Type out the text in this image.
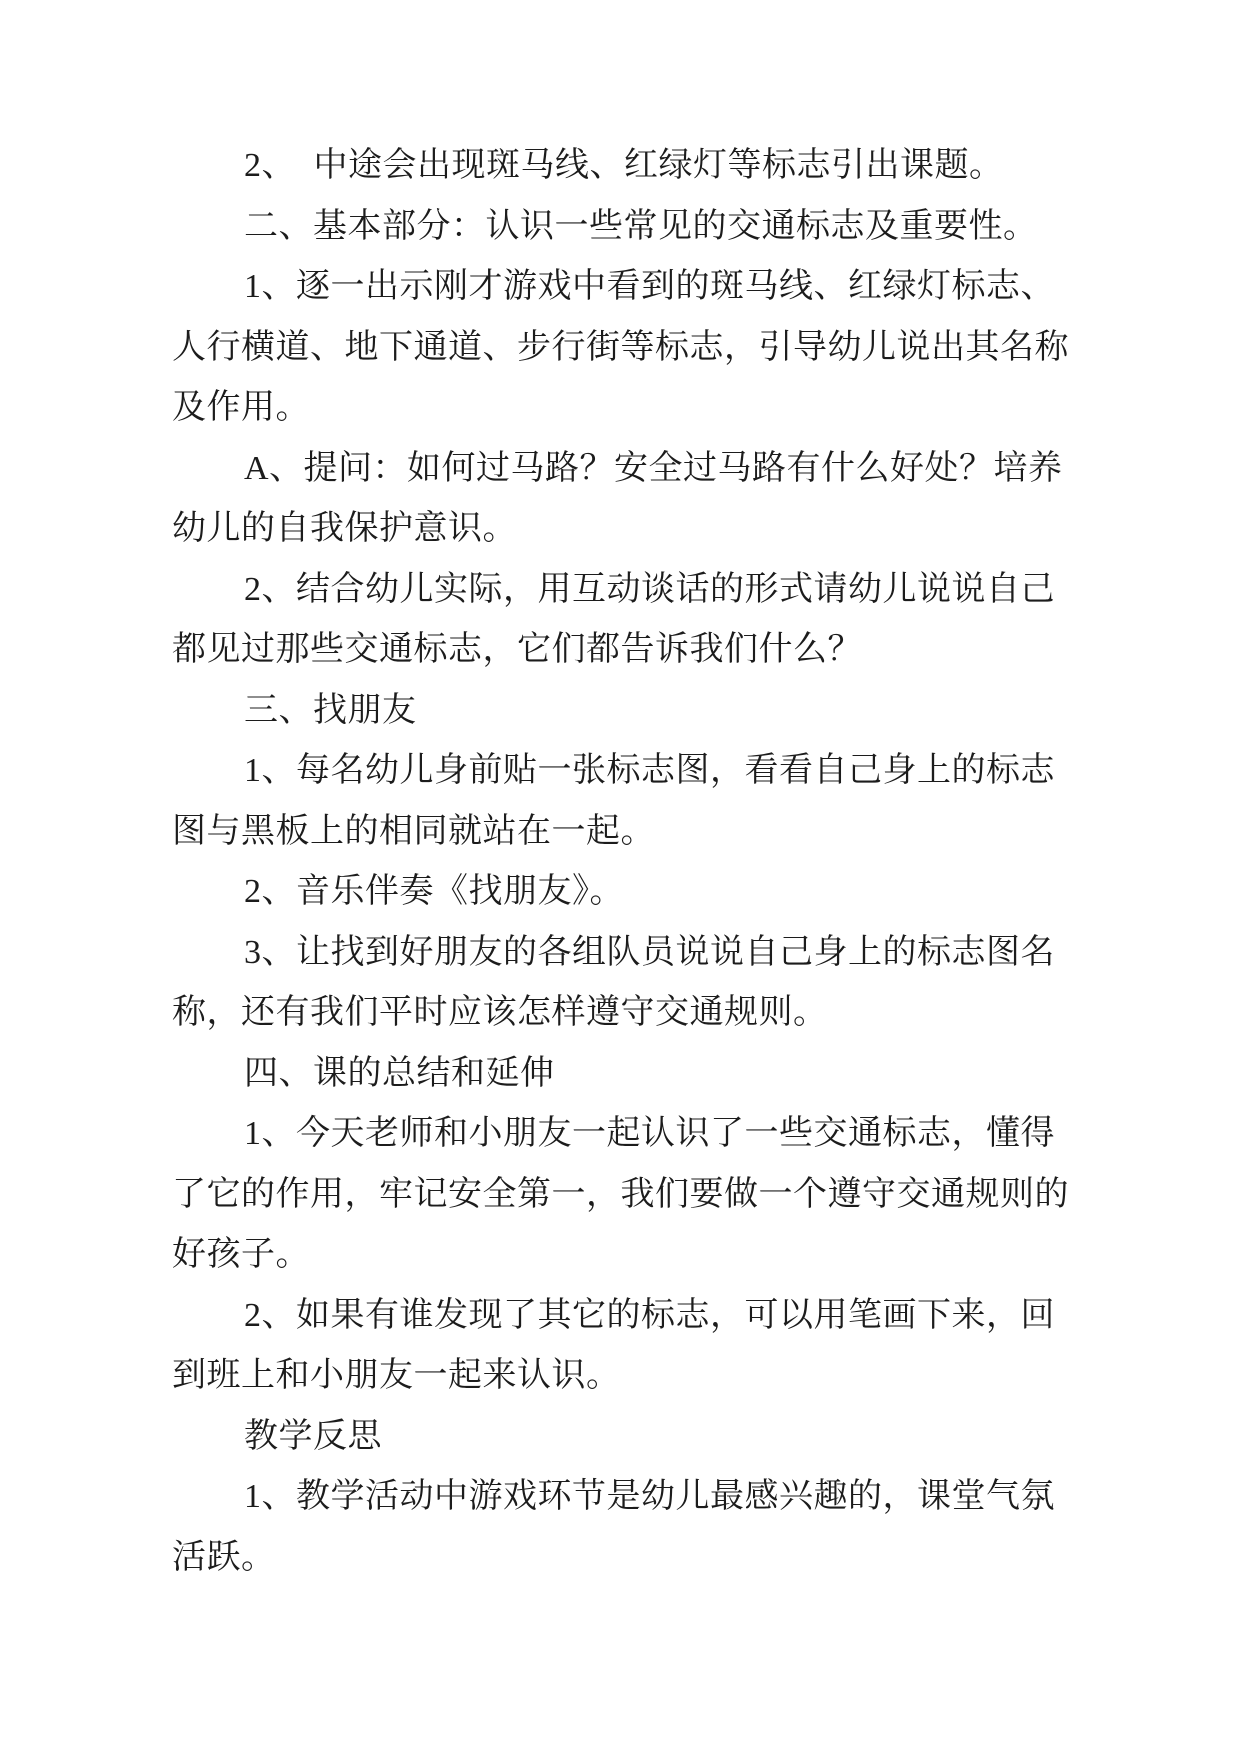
2、　中途会出现斑马线、红绿灯等标志引出课题。

二、基本部分：认识一些常见的交通标志及重要性。

1、逐一出示刚才游戏中看到的斑马线、红绿灯标志、

人行横道、地下通道、步行街等标志，引导幼儿说出其名称

及作用。

A、提问：如何过马路？安全过马路有什么好处？培养

幼儿的自我保护意识。

2、结合幼儿实际，用互动谈话的形式请幼儿说说自己

都见过那些交通标志，它们都告诉我们什么？

三、找朋友

1、每名幼儿身前贴一张标志图，看看自己身上的标志

图与黑板上的相同就站在一起。

2、音乐伴奏《找朋友》。

3、让找到好朋友的各组队员说说自己身上的标志图名

称，还有我们平时应该怎样遵守交通规则。

四、课的总结和延伸

1、今天老师和小朋友一起认识了一些交通标志，懂得

了它的作用，牢记安全第一，我们要做一个遵守交通规则的

好孩子。

2、如果有谁发现了其它的标志，可以用笔画下来，回

到班上和小朋友一起来认识。

教学反思

1、教学活动中游戏环节是幼儿最感兴趣的，课堂气氛

活跃。
